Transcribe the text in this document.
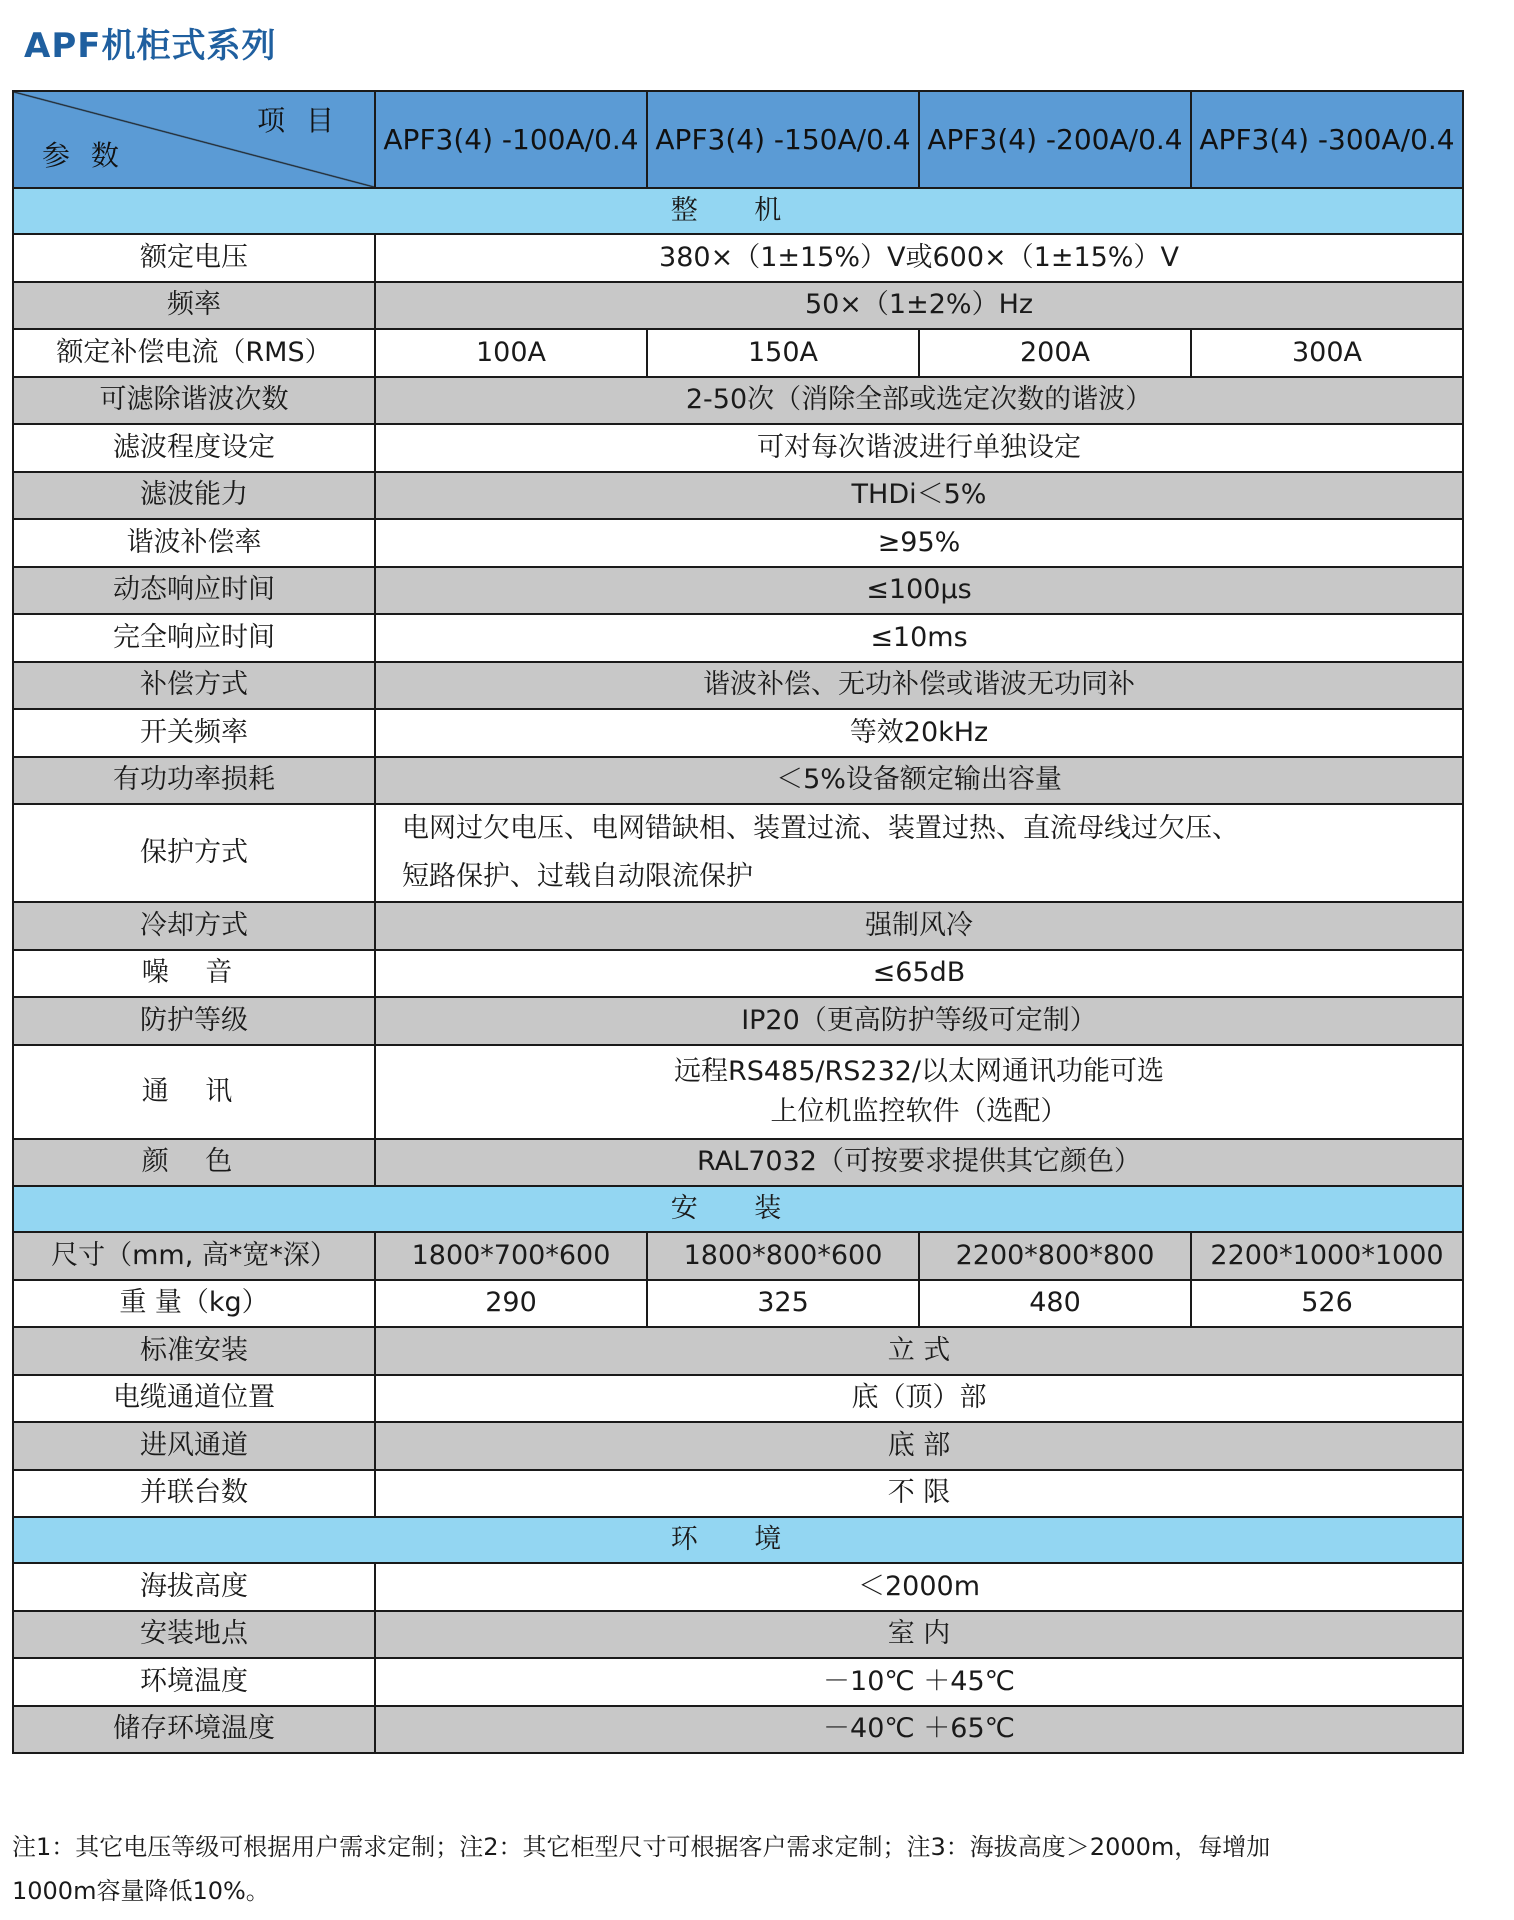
APF机柜式系列
项 目
参 数	APF3(4) -100A/0.4	APF3(4) -150A/0.4	APF3(4) -200A/0.4	APF3(4) -300A/0.4
整 机				
额定电压	380×（1±15%）V或600×（1±15%）V			
频率	50×（1±2%）Hz			
额定补偿电流（RMS）	100A	150A	200A	300A
可滤除谐波次数	2-50次（消除全部或选定次数的谐波）			
滤波程度设定	可对每次谐波进行单独设定			
滤波能力	THDi＜5%			
谐波补偿率	≥95%			
动态响应时间	≤100μs			
完全响应时间	≤10ms			
补偿方式	谐波补偿、无功补偿或谐波无功同补			
开关频率	等效20kHz			
有功功率损耗	＜5%设备额定输出容量			
保护方式	电网过欠电压、电网错缺相、装置过流、装置过热、直流母线过欠压、
短路保护、过载自动限流保护			

冷却方式	强制风冷			
噪 音	≤65dB			
防护等级	IP20（更高防护等级可定制）			
通 讯	远程RS485/RS232/以太网通讯功能可选
上位机监控软件（选配）			

颜 色	RAL7032（可按要求提供其它颜色）			
安 装				
尺寸（mm, 高*宽*深）	1800*700*600	1800*800*600	2200*800*800	2200*1000*1000
重 量（kg）	290	325	480	526
标准安装	立 式			
电缆通道位置	底（顶）部			
进风通道	底 部			
并联台数	不 限			
环 境				
海拔高度	＜2000m			
安装地点	室 内			
环境温度	－10℃ ＋45℃			
储存环境温度	－40℃ ＋65℃			
注1：其它电压等级可根据用户需求定制；注2：其它柜型尺寸可根据客户需求定制；注3：海拔高度＞2000m，每增加
1000m容量降低10%。
